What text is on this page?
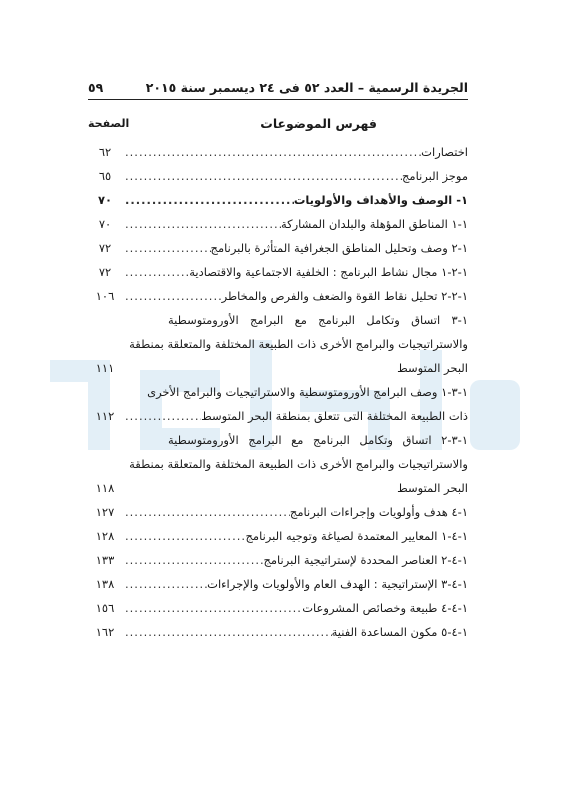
الجريدة الرسمية – العدد ٥٢ فى ٢٤ ديسمبر سنة ٢٠١٥
٥٩
فهرس الموضوعات
الصفحة
اختصارات
.....
٦٢
موجز البرنامج
.....
٦٥
١- الوصف والأهداف والأولويات
.....
٧٠
١-١ المناطق المؤهلة والبلدان المشاركة
.....
٧٠
١-٢ وصف وتحليل المناطق الجغرافية المتأثرة بالبرنامج
.....
٧٢
١-٢-١ مجال نشاط البرنامج : الخلفية الاجتماعية والاقتصادية
.....
٧٢
١-٢-٢ تحليل نقاط القوة والضعف والفرص والمخاطر
.....
١٠٦
١-٣ اتساق وتكامل البرنامج مع البرامج الأورومتوسطية
والاستراتيجيات والبرامج الأخرى ذات الطبيعة المختلفة والمتعلقة بمنطقة
البحر المتوسط
١١١
١-٣-١ وصف البرامج الأورومتوسطية والاستراتيجيات والبرامج الأخرى
ذات الطبيعة المختلفة التى تتعلق بمنطقة البحر المتوسط
.....
١١٢
١-٣-٢ اتساق وتكامل البرنامج مع البرامج الأورومتوسطية
والاستراتيجيات والبرامج الأخرى ذات الطبيعة المختلفة والمتعلقة بمنطقة
البحر المتوسط
١١٨
١-٤ هدف وأولويات وإجراءات البرنامج
.....
١٢٧
١-٤-١ المعايير المعتمدة لصياغة وتوجيه البرنامج
.....
١٢٨
١-٤-٢ العناصر المحددة لإستراتيجية البرنامج
.....
١٣٣
١-٤-٣ الإستراتيجية : الهدف العام والأولويات والإجراءات
.....
١٣٨
١-٤-٤ طبيعة وخصائص المشروعات
.....
١٥٦
١-٤-٥ مكون المساعدة الفنية
.....
١٦٢
